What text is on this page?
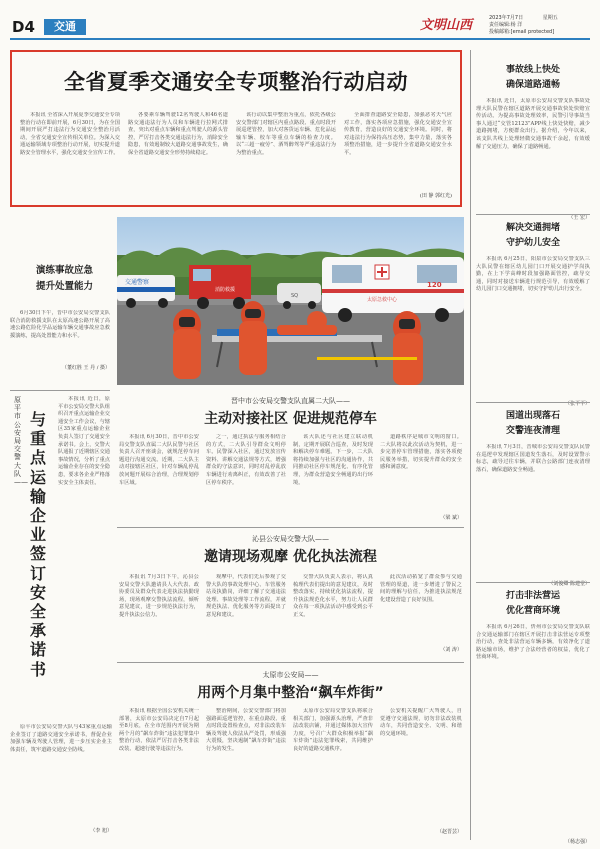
D4	交通	文明山西	2023年7月7日	星期五
责任编辑:杨 洋
投稿邮箱:[email protected]
全省夏季交通安全专项整治行动启动
本报讯 全省深入开展夏季交通安全专项整治行动在即前开展，6月30日，为在全国期间开展严打违法行为交通安全整治月活动，全省交通安全宣传相关单位。为深入交通运输领域专项整治行动开展，切实提升道路安全管理水平，强化交通安全宣传工作。
各要素车辆驾驶12名驾驶人和46名道路交通违法行为人员和车辆进行拉网式排查，突出对重点车辆和重点驾驶人的源头管控，严厉打击各类交通违法行为，消除安全隐患，有效遏制较大道路交通事故发生，确保全省道路交通安全形势持续稳定。
该行动以集中整治为重点，依托各级公安交警部门对辖区内重点路段、重点时段开展巡逻管控，加大对客货运车辆、危化品运输车辆、校车等重点车辆的检查力度。以“三超一疲劳”、酒驾醉驾等严重违法行为为整治重点。
全面排查道路安全隐患，加强恶劣天气应对工作，落实各项应急措施，强化交通安全宣传教育，营造良好的交通安全环境。同时，将对违法行为保持高压态势，集中力量，落实各项整治措施，进一步提升全省道路交通安全水平。
(田 静 郭红光)
交通警察
消防救援
太原急救中心
120
SQ
演练事故应急
提升处置能力
6月30日下午，晋中市公安局交警支队联合消防救援支队在太原高速公路开展了高速公路危险化学品运输车辆交通事故应急救援演练，提高处置能力和水平。
（董红胜 王 丹 / 摄）
原平市公安局交警大队——
与重点运输企业签订安全承诺书
本报讯 近日，原平市公安局交警大队组织召开重点运输企业交通安全工作会议，与辖区35家重点运输企业负责人签订了交通安全承诺书。会上，交警大队通报了近期辖区交通事故情况，分析了重点运输企业存在的安全隐患，要求各企业严格落实安全主体责任。
原平市公安局交警大队与43家重点运输企业签订了道路交通安全承诺书，督促企业加强车辆及驾驶人管理，进一步压实企业主体责任，筑牢道路交通安全防线。
（李 旭）
晋中市公安局交警支队直属二大队——
主动对接社区 促进规范停车
本报讯 6月30日，晋中市公安局交警支队直属二大队民警与社区负责人召开座谈会，就规范停车问题进行沟通交流。近期，二大队主动对接辖区社区，针对车辆乱停乱放问题开展综合治理，合理规划停车区域。
之一，通过执法与服务相结合的方式，二大队引导群众文明停车。民警深入社区，通过发放宣传资料、讲解交通法规等方式，增强群众的守法意识，同时对乱停乱放车辆进行劝离纠正，有效改善了社区停车秩序。
该大队还与社区建立联动机制，定期开展联合巡查，及时发现和解决停车难题。下一步，二大队将持续加强与社区的沟通协作，共同推动社区停车规范化、有序化管理，为群众营造安全畅通的出行环境。
道路秩序是城市文明的窗口。二大队将以此次活动为契机，进一步完善停车管理措施，落实各项便民服务举措，切实提升群众的安全感和满意度。
（梁 斌）
沁县公安局交警大队——
邀请现场观摩 优化执法流程
本报讯 7月3日下午，沁县公安局交警大队邀请县人大代表、政协委员及群众代表走进执法执勤现场，现场观摩交警执法流程，倾听意见建议，进一步规范执法行为，提升执法公信力。
观摩中，代表们先后参观了交警大队的事故处理中心、车管服务站及执勤岗，详细了解了交通违法处理、事故处理等工作流程，并就规范执法、优化服务等方面提出了意见和建议。
交警大队负责人表示，将认真梳理代表们提出的意见建议，及时整改落实，持续优化执法流程，提升执法规范化水平，努力让人民群众在每一项执法活动中感受到公平正义。
此次活动拓宽了群众参与交通管理的渠道，进一步增进了警民之间的理解与信任，为推进执法规范化建设营造了良好氛围。
（刘 涛）
太原市公安局——
用两个月集中整治“飙车炸街”
本报讯 根据全国公安机关统一部署，太原市公安局决定自7月起至8月底，在全市范围内开展为期两个月的“飙车炸街”违法犯罪集中整治行动，依法严厉打击各类非法改装、超速行驶等违法行为。
整治期间，公安交警部门将加强路面巡逻管控，在重点路段、重点时段设置检查点，对非法改装车辆及驾驶人依法从严处罚，形成强大震慑，坚决遏制“飙车炸街”违法行为的发生。
太原市公安局交警支队将联合相关部门，加强源头治理，严查非法改装店铺，并通过媒体加大宣传力度，号召广大群众积极举报“飙车炸街”违法犯罪线索，共同维护良好的道路交通秩序。
公安机关提醒广大驾驶人，自觉遵守交通法规，切勿非法改装机动车，共同营造安全、文明、和谐的交通环境。
（赵晋芸）
事故线上快处
确保道路通畅
本报讯 近日，太原市公安局交警支队事故处理大队民警在辖区道路开展交通事故快处快赔宣传活动。为提高事故处理效率，民警引导事故当事人通过“交管12123”APP线上快处快赔，减少道路拥堵，方便群众出行。据介绍，今年以来，该支队共线上处理轻微交通事故千余起，有效缓解了交通压力，确保了道路畅通。
（王 宏）
解决交通拥堵
守护幼儿安全
本报讯 6月25日，阳泉市公安局交警支队三大队民警在辖区幼儿园门口开展交通护学岗执勤，在上下学高峰时段加强路面管控，疏导交通，同时对接送车辆进行规范引导，有效缓解了幼儿园门口交通拥堵，切实守护幼儿出行安全。
（张平平）
国道出现落石
交警连夜清理
本报讯 7月3日，晋城市公安局交警支队民警在巡逻中发现辖区国道发生落石，及时设置警示标志，疏导过往车辆，并联合公路部门连夜清理落石，确保道路安全畅通。
（刘俊卿 陈建堂）
打击非法营运
优化营商环境
本报讯 6月26日，忻州市公安局交警支队联合交通运输部门在辖区开展打击非法营运专项整治行动，查处非法营运车辆多辆，有效净化了道路运输市场，维护了合法经营者的权益，优化了营商环境。
（杨志强）
